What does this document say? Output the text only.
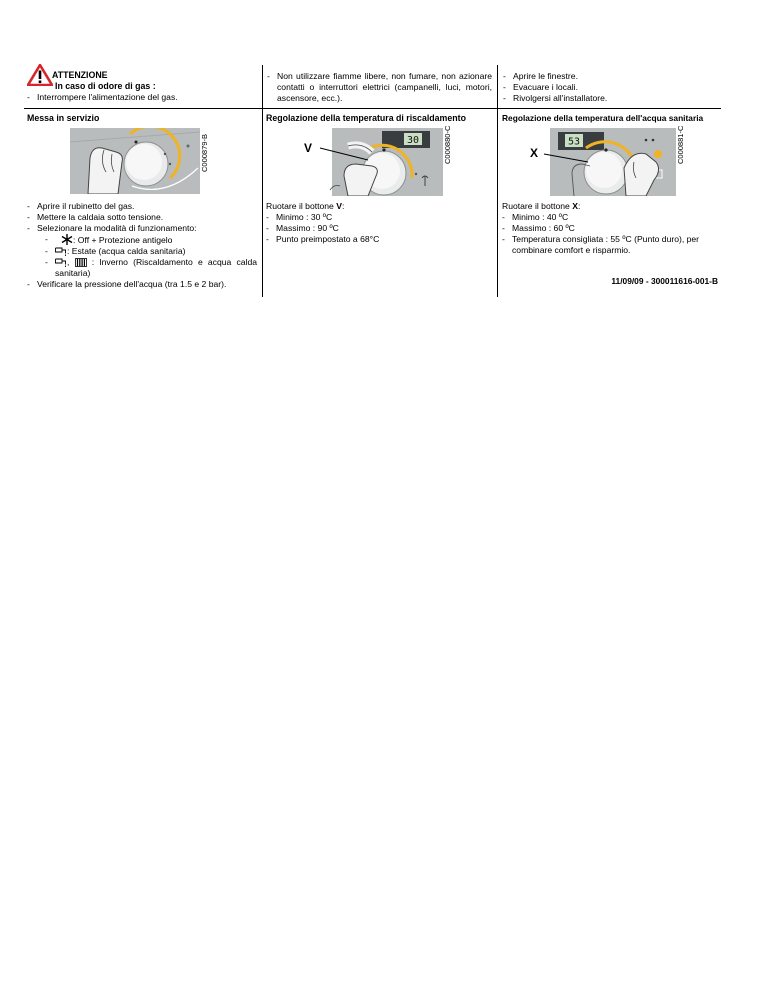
ATTENZIONE
In caso di odore di gas :
- Interrompere l'alimentazione del gas.
- Non utilizzare fiamme libere, non fumare, non azionare contatti o interruttori elettrici (campanelli, luci, motori, ascensore, ecc.).
- Aprire le finestre.
- Evacuare i locali.
- Rivolgersi all'installatore.
Messa in servizio	Regolazione della temperatura di riscaldamento	Regolazione della temperatura dell'acqua sanitaria
C000879-B	30
V	C000880-C	53
X	C000881-C
- Aprire il rubinetto del gas.
- Mettere la caldaia sotto tensione.
- Selezionare la modalità di funzionamento:
- : Off + Protezione antigelo
- : Estate (acqua calda sanitaria)
- ,  : Inverno (Riscaldamento e acqua calda sanitaria)
- Verificare la pressione dell'acqua (tra 1.5 e 2 bar).
Ruotare il bottone V:
- Minimo : 30 ºC
- Massimo : 90 ºC
- Punto preimpostato a 68°C
Ruotare il bottone X:
- Minimo : 40 ºC
- Massimo : 60 ºC
- Temperatura consigliata : 55 ºC (Punto duro), per combinare comfort e risparmio.
11/09/09 - 300011616-001-B
